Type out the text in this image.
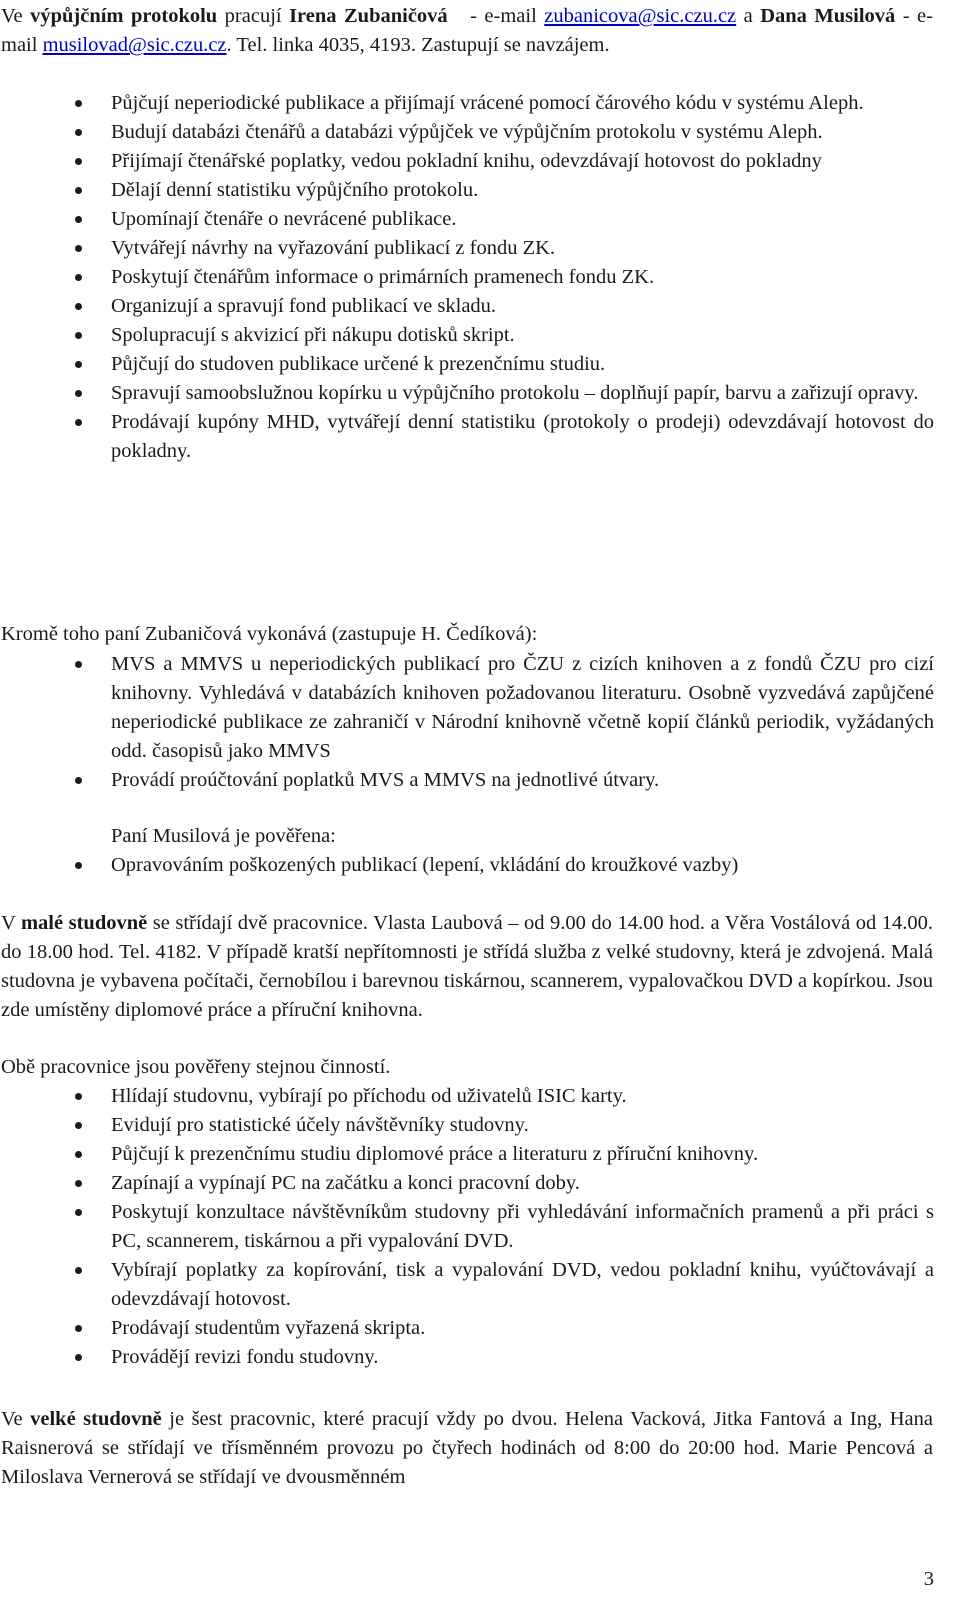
Ve výpůjčním protokolu pracují Irena Zubaničová   - e-mail zubanicova@sic.czu.cz a Dana Musilová - e-mail musilovad@sic.czu.cz. Tel. linka 4035, 4193. Zastupují se navzájem.

Půjčují neperiodické publikace a přijímají vrácené pomocí čárového kódu v systému Aleph.
Budují databázi čtenářů a databázi výpůjček ve výpůjčním protokolu v systému Aleph.
Přijímají čtenářské poplatky, vedou pokladní knihu, odevzdávají hotovost do pokladny
Dělají denní statistiku výpůjčního protokolu.
Upomínají čtenáře o nevrácené publikace.
Vytvářejí návrhy na vyřazování publikací z fondu ZK.
Poskytují čtenářům informace o primárních pramenech fondu ZK.
Organizují a spravují fond publikací ve skladu.
Spolupracují s akvizicí při nákupu dotisků skript.
Půjčují do studoven publikace určené k prezenčnímu studiu.
Spravují samoobslužnou kopírku u výpůjčního protokolu – doplňují papír, barvu a zařizují opravy.
Prodávají kupóny MHD, vytvářejí denní statistiku (protokoly o prodeji) odevzdávají hotovost do pokladny.

Kromě toho paní Zubaničová vykonává (zastupuje H. Čedíková):

MVS a MMVS u neperiodických publikací pro ČZU z cizích knihoven a z fondů ČZU pro cizí knihovny. Vyhledává v databázích knihoven požadovanou literaturu. Osobně vyzvedává zapůjčené neperiodické publikace ze zahraničí v Národní knihovně včetně kopií článků periodik, vyžádaných odd. časopisů jako MMVS
Provádí proúčtování poplatků MVS a MMVS na jednotlivé útvary.

Paní Musilová je pověřena:

Opravováním poškozených publikací (lepení, vkládání do kroužkové vazby)

V malé studovně se střídají dvě pracovnice. Vlasta Laubová – od 9.00 do 14.00 hod. a Věra Vostálová od 14.00. do 18.00 hod. Tel. 4182. V případě kratší nepřítomnosti je střídá služba z velké studovny, která je zdvojená. Malá studovna je vybavena počítači, černobílou i barevnou tiskárnou, scannerem, vypalovačkou DVD a kopírkou. Jsou zde umístěny diplomové práce a příruční knihovna.

Obě pracovnice jsou pověřeny stejnou činností.

Hlídají studovnu, vybírají po příchodu od uživatelů ISIC karty.
Evidují pro statistické účely návštěvníky studovny.
Půjčují k prezenčnímu studiu diplomové práce a literaturu z příruční knihovny.
Zapínají a vypínají PC na začátku a konci pracovní doby.
Poskytují konzultace návštěvníkům studovny při vyhledávání informačních pramenů a při práci s PC, scannerem, tiskárnou a při vypalování DVD.
Vybírají poplatky za kopírování, tisk a vypalování DVD, vedou pokladní knihu, vyúčtovávají a odevzdávají hotovost.
Prodávají studentům vyřazená skripta.
Provádějí revizi fondu studovny.

Ve velké studovně je šest pracovnic, které pracují vždy po dvou. Helena Vacková, Jitka Fantová a Ing, Hana Raisnerová se střídají ve třísměnném provozu po čtyřech hodinách od 8:00 do 20:00 hod. Marie Pencová a Miloslava Vernerová se střídají ve dvousměnném

3
